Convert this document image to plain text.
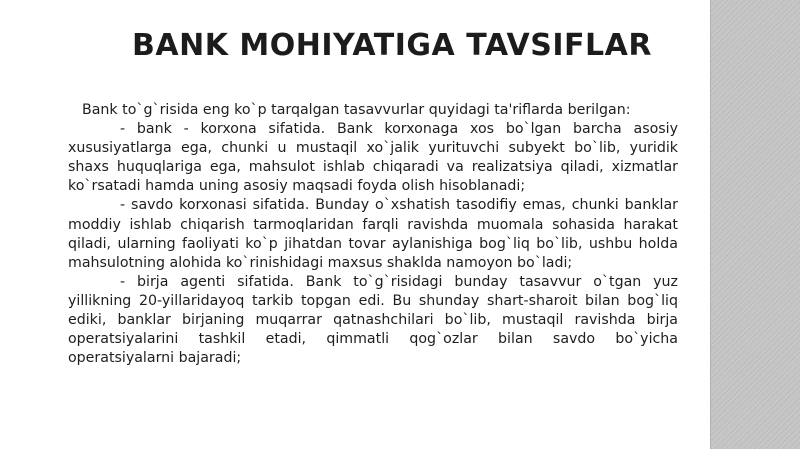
BANK MOHIYATIGA TAVSIFLAR

Bank to`g`risida eng ko`p tarqalgan tasavvurlar quyidagi ta'riflarda berilgan:

- bank - korxona sifatida. Bank korxonaga xos bo`lgan barcha asosiy xususiyatlarga ega, chunki u mustaqil xo`jalik yurituvchi subyekt bo`lib, yuridik shaxs huquqlariga ega, mahsulot ishlab chiqaradi va realizatsiya qiladi, xizmatlar ko`rsatadi hamda uning asosiy maqsadi foyda olish hisoblanadi;

- savdo korxonasi sifatida. Bunday o`xshatish tasodifiy emas, chunki banklar moddiy ishlab chiqarish tarmoqlaridan farqli ravishda muomala sohasida harakat qiladi, ularning faoliyati ko`p jihatdan tovar aylanishiga bog`liq bo`lib, ushbu holda mahsulotning alohida ko`rinishidagi maxsus shaklda namoyon bo`ladi;

- birja agenti sifatida. Bank to`g`risidagi bunday tasavvur o`tgan yuz yillikning 20-yillaridayoq tarkib topgan edi. Bu shunday shart-sharoit bilan bog`liq ediki, banklar birjaning muqarrar qatnashchilari bo`lib, mustaqil ravishda birja operatsiyalarini tashkil etadi, qimmatli qog`ozlar bilan savdo bo`yicha operatsiyalarni bajaradi;
